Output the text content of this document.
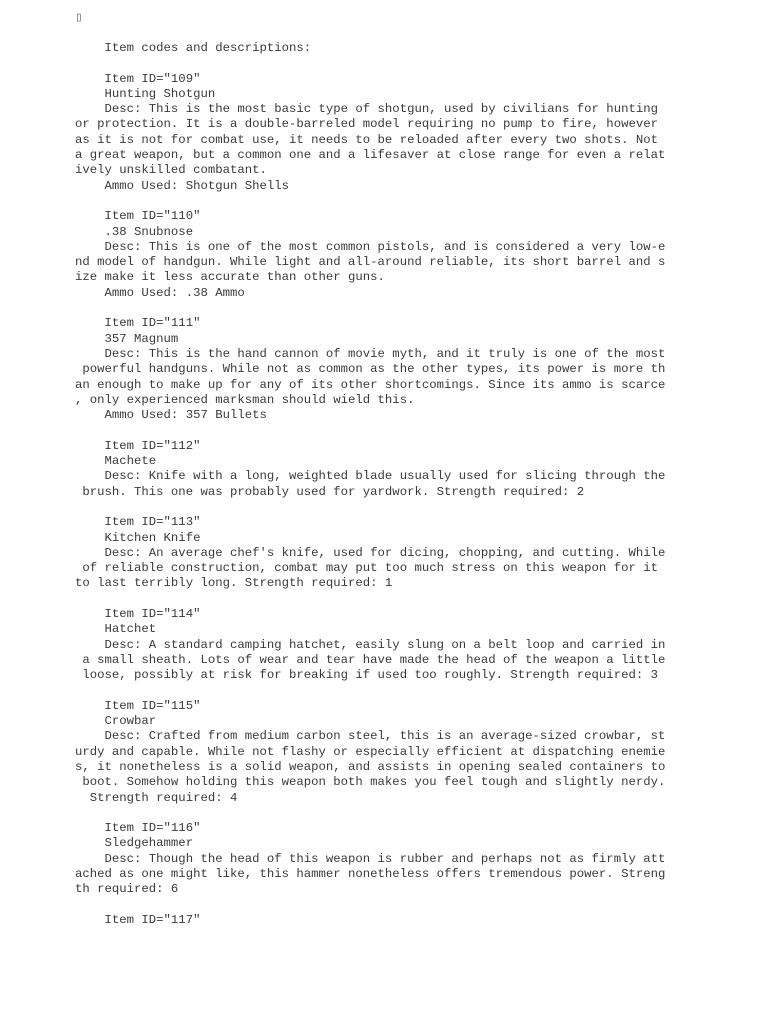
▯
Item codes and descriptions:
Item ID="109"
Hunting Shotgun
Desc: This is the most basic type of shotgun, used by civilians for hunting
or protection. It is a double-barreled model requiring no pump to fire, however
as it is not for combat use, it needs to be reloaded after every two shots. Not
a great weapon, but a common one and a lifesaver at close range for even a relat
ively unskilled combatant.
Ammo Used: Shotgun Shells
Item ID="110"
.38 Snubnose
Desc: This is one of the most common pistols, and is considered a very low-e
nd model of handgun. While light and all-around reliable, its short barrel and s
ize make it less accurate than other guns.
Ammo Used: .38 Ammo
Item ID="111"
357 Magnum
Desc: This is the hand cannon of movie myth, and it truly is one of the most
powerful handguns. While not as common as the other types, its power is more th
an enough to make up for any of its other shortcomings. Since its ammo is scarce
, only experienced marksman should wield this.
Ammo Used: 357 Bullets
Item ID="112"
Machete
Desc: Knife with a long, weighted blade usually used for slicing through the
brush. This one was probably used for yardwork. Strength required: 2
Item ID="113"
Kitchen Knife
Desc: An average chef's knife, used for dicing, chopping, and cutting. While
of reliable construction, combat may put too much stress on this weapon for it
to last terribly long. Strength required: 1
Item ID="114"
Hatchet
Desc: A standard camping hatchet, easily slung on a belt loop and carried in
a small sheath. Lots of wear and tear have made the head of the weapon a little
loose, possibly at risk for breaking if used too roughly. Strength required: 3
Item ID="115"
Crowbar
Desc: Crafted from medium carbon steel, this is an average-sized crowbar, st
urdy and capable. While not flashy or especially efficient at dispatching enemie
s, it nonetheless is a solid weapon, and assists in opening sealed containers to
boot. Somehow holding this weapon both makes you feel tough and slightly nerdy.
Strength required: 4
Item ID="116"
Sledgehammer
Desc: Though the head of this weapon is rubber and perhaps not as firmly att
ached as one might like, this hammer nonetheless offers tremendous power. Streng
th required: 6
Item ID="117"
